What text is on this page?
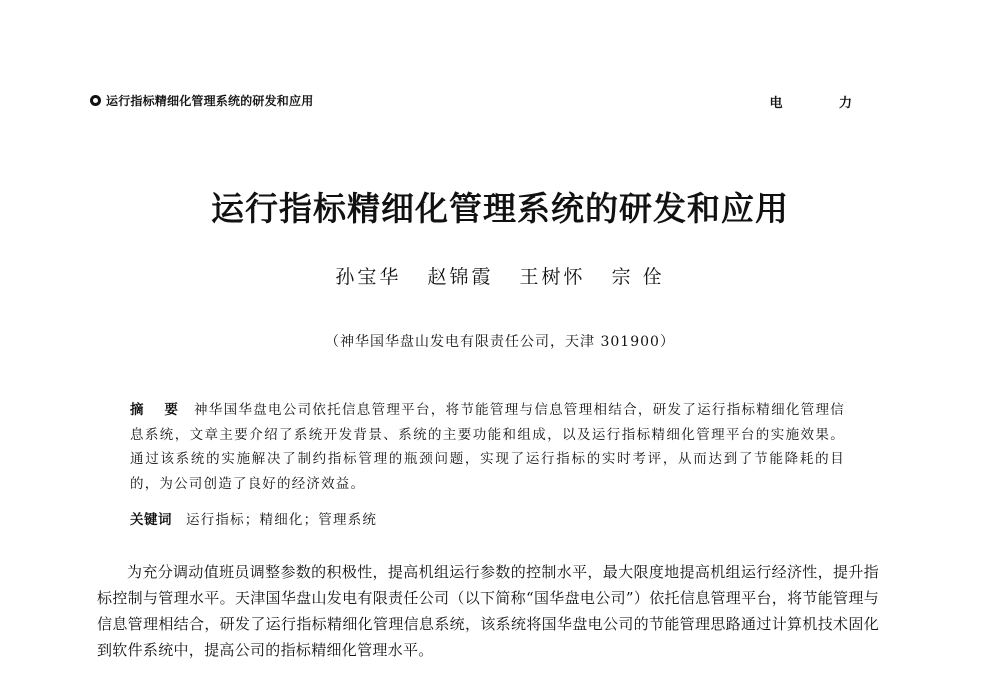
运行指标精细化管理系统的研发和应用	电 力
运行指标精细化管理系统的研发和应用
孙宝华 赵锦霞 王树怀 宗 佺
（神华国华盘山发电有限责任公司，天津 301900）
摘 要 神华国华盘电公司依托信息管理平台，将节能管理与信息管理相结合，研发了运行指标精细化管理信息系统，文章主要介绍了系统开发背景、系统的主要功能和组成，以及运行指标精细化管理平台的实施效果。通过该系统的实施解决了制约指标管理的瓶颈问题，实现了运行指标的实时考评，从而达到了节能降耗的目的，为公司创造了良好的经济效益。
关键词 运行指标；精细化；管理系统
为充分调动值班员调整参数的积极性，提高机组运行参数的控制水平，最大限度地提高机组运行经济性，提升指标控制与管理水平。天津国华盘山发电有限责任公司（以下简称“国华盘电公司”）依托信息管理平台，将节能管理与信息管理相结合，研发了运行指标精细化管理信息系统，该系统将国华盘电公司的节能管理思路通过计算机技术固化到软件系统中，提高公司的指标精细化管理水平。
